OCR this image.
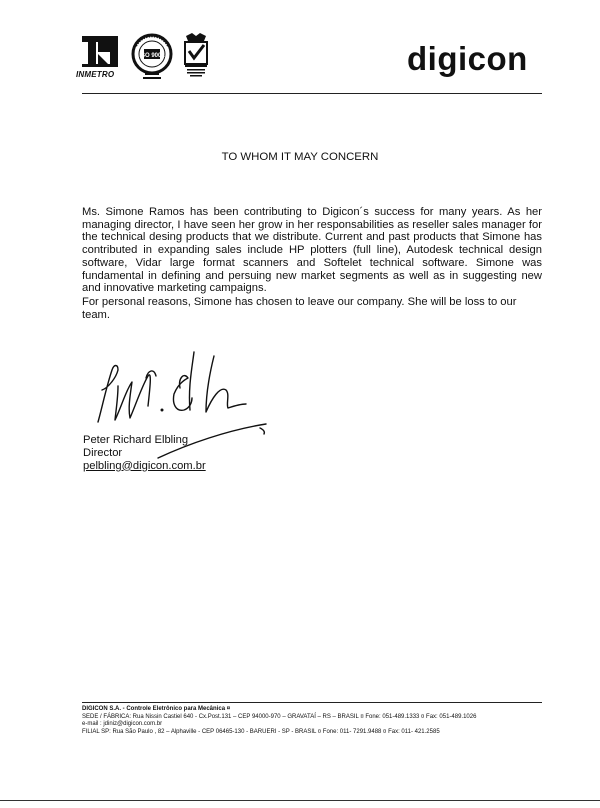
INMETRO
ISO 9001	digicon
TO WHOM IT MAY CONCERN
Ms. Simone Ramos has been contributing to Digicon´s success for many years. As her managing director, I have seen her grow in her responsabilities as reseller sales manager for the technical desing products that we distribute. Current and past products that Simone has contributed in expanding sales include HP plotters (full line), Autodesk technical design software, Vidar large format scanners and Softelet technical software. Simone was fundamental in defining and persuing new market segments as well as in suggesting new and innovative marketing campaigns.
For personal reasons, Simone has chosen to leave our company. She will be loss to our team.
Peter Richard Elbling
Director
pelbling@digicon.com.br
DIGICON S.A. - Controle Eletrônico para Mecânica ¤
SEDE / FÁBRICA: Rua Nissin Castiel 640 - Cx.Post.131 – CEP 94000-970 – GRAVATAÍ – RS – BRASIL ¤ Fone: 051-489.1333 ¤ Fax: 051-489.1026
e-mail : jdiniz@digicon.com.br
FILIAL SP: Rua São Paulo , 82 – Alphaville - CEP 06465-130 - BARUERI - SP - BRASIL ¤ Fone: 011- 7291.9488 ¤ Fax: 011- 421.2585
